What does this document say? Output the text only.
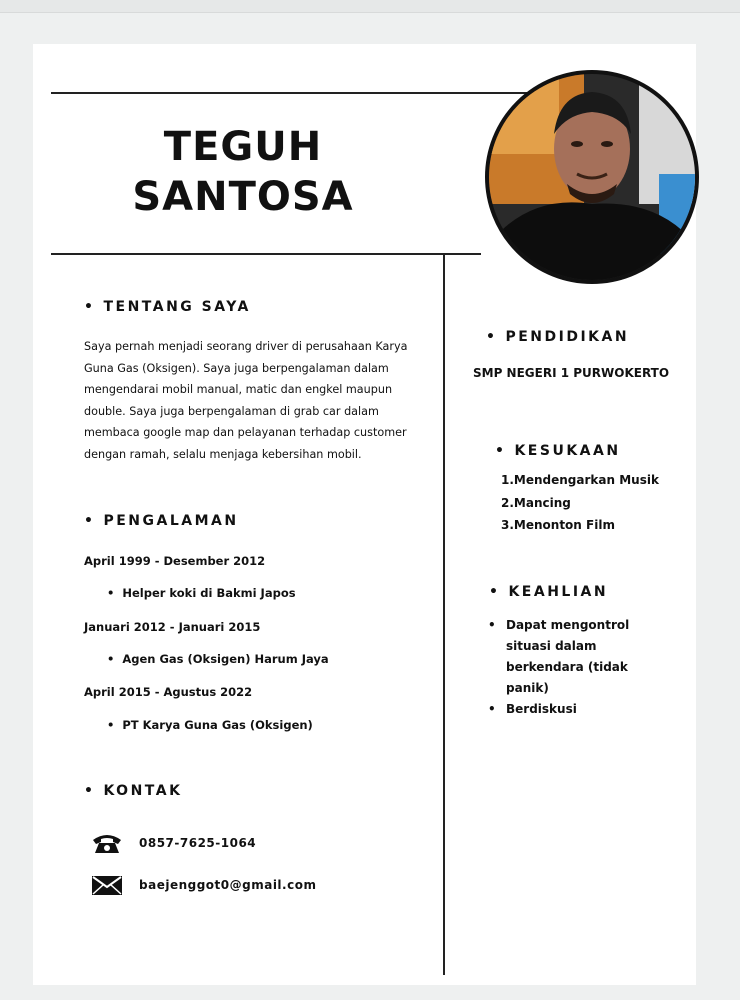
TEGUH
SANTOSA
• TENTANG SAYA
Saya pernah menjadi seorang driver di perusahaan Karya Guna Gas (Oksigen). Saya juga berpengalaman dalam mengendarai mobil manual, matic dan engkel maupun double. Saya juga berpengalaman di grab car dalam membaca google map dan pelayanan terhadap customer dengan ramah, selalu menjaga kebersihan mobil.
• PENGALAMAN
April 1999 - Desember 2012
• Helper koki di Bakmi Japos
Januari 2012 - Januari 2015
• Agen Gas (Oksigen) Harum Jaya
April 2015 - Agustus 2022
• PT Karya Guna Gas (Oksigen)
• KONTAK
0857-7625-1064
baejenggot0@gmail.com
• PENDIDIKAN
SMP NEGERI 1 PURWOKERTO
• KESUKAAN
1.Mendengarkan Musik
2.Mancing
3.Menonton Film
• KEAHLIAN
• Dapat mengontrol situasi dalam berkendara (tidak panik)
• Berdiskusi
